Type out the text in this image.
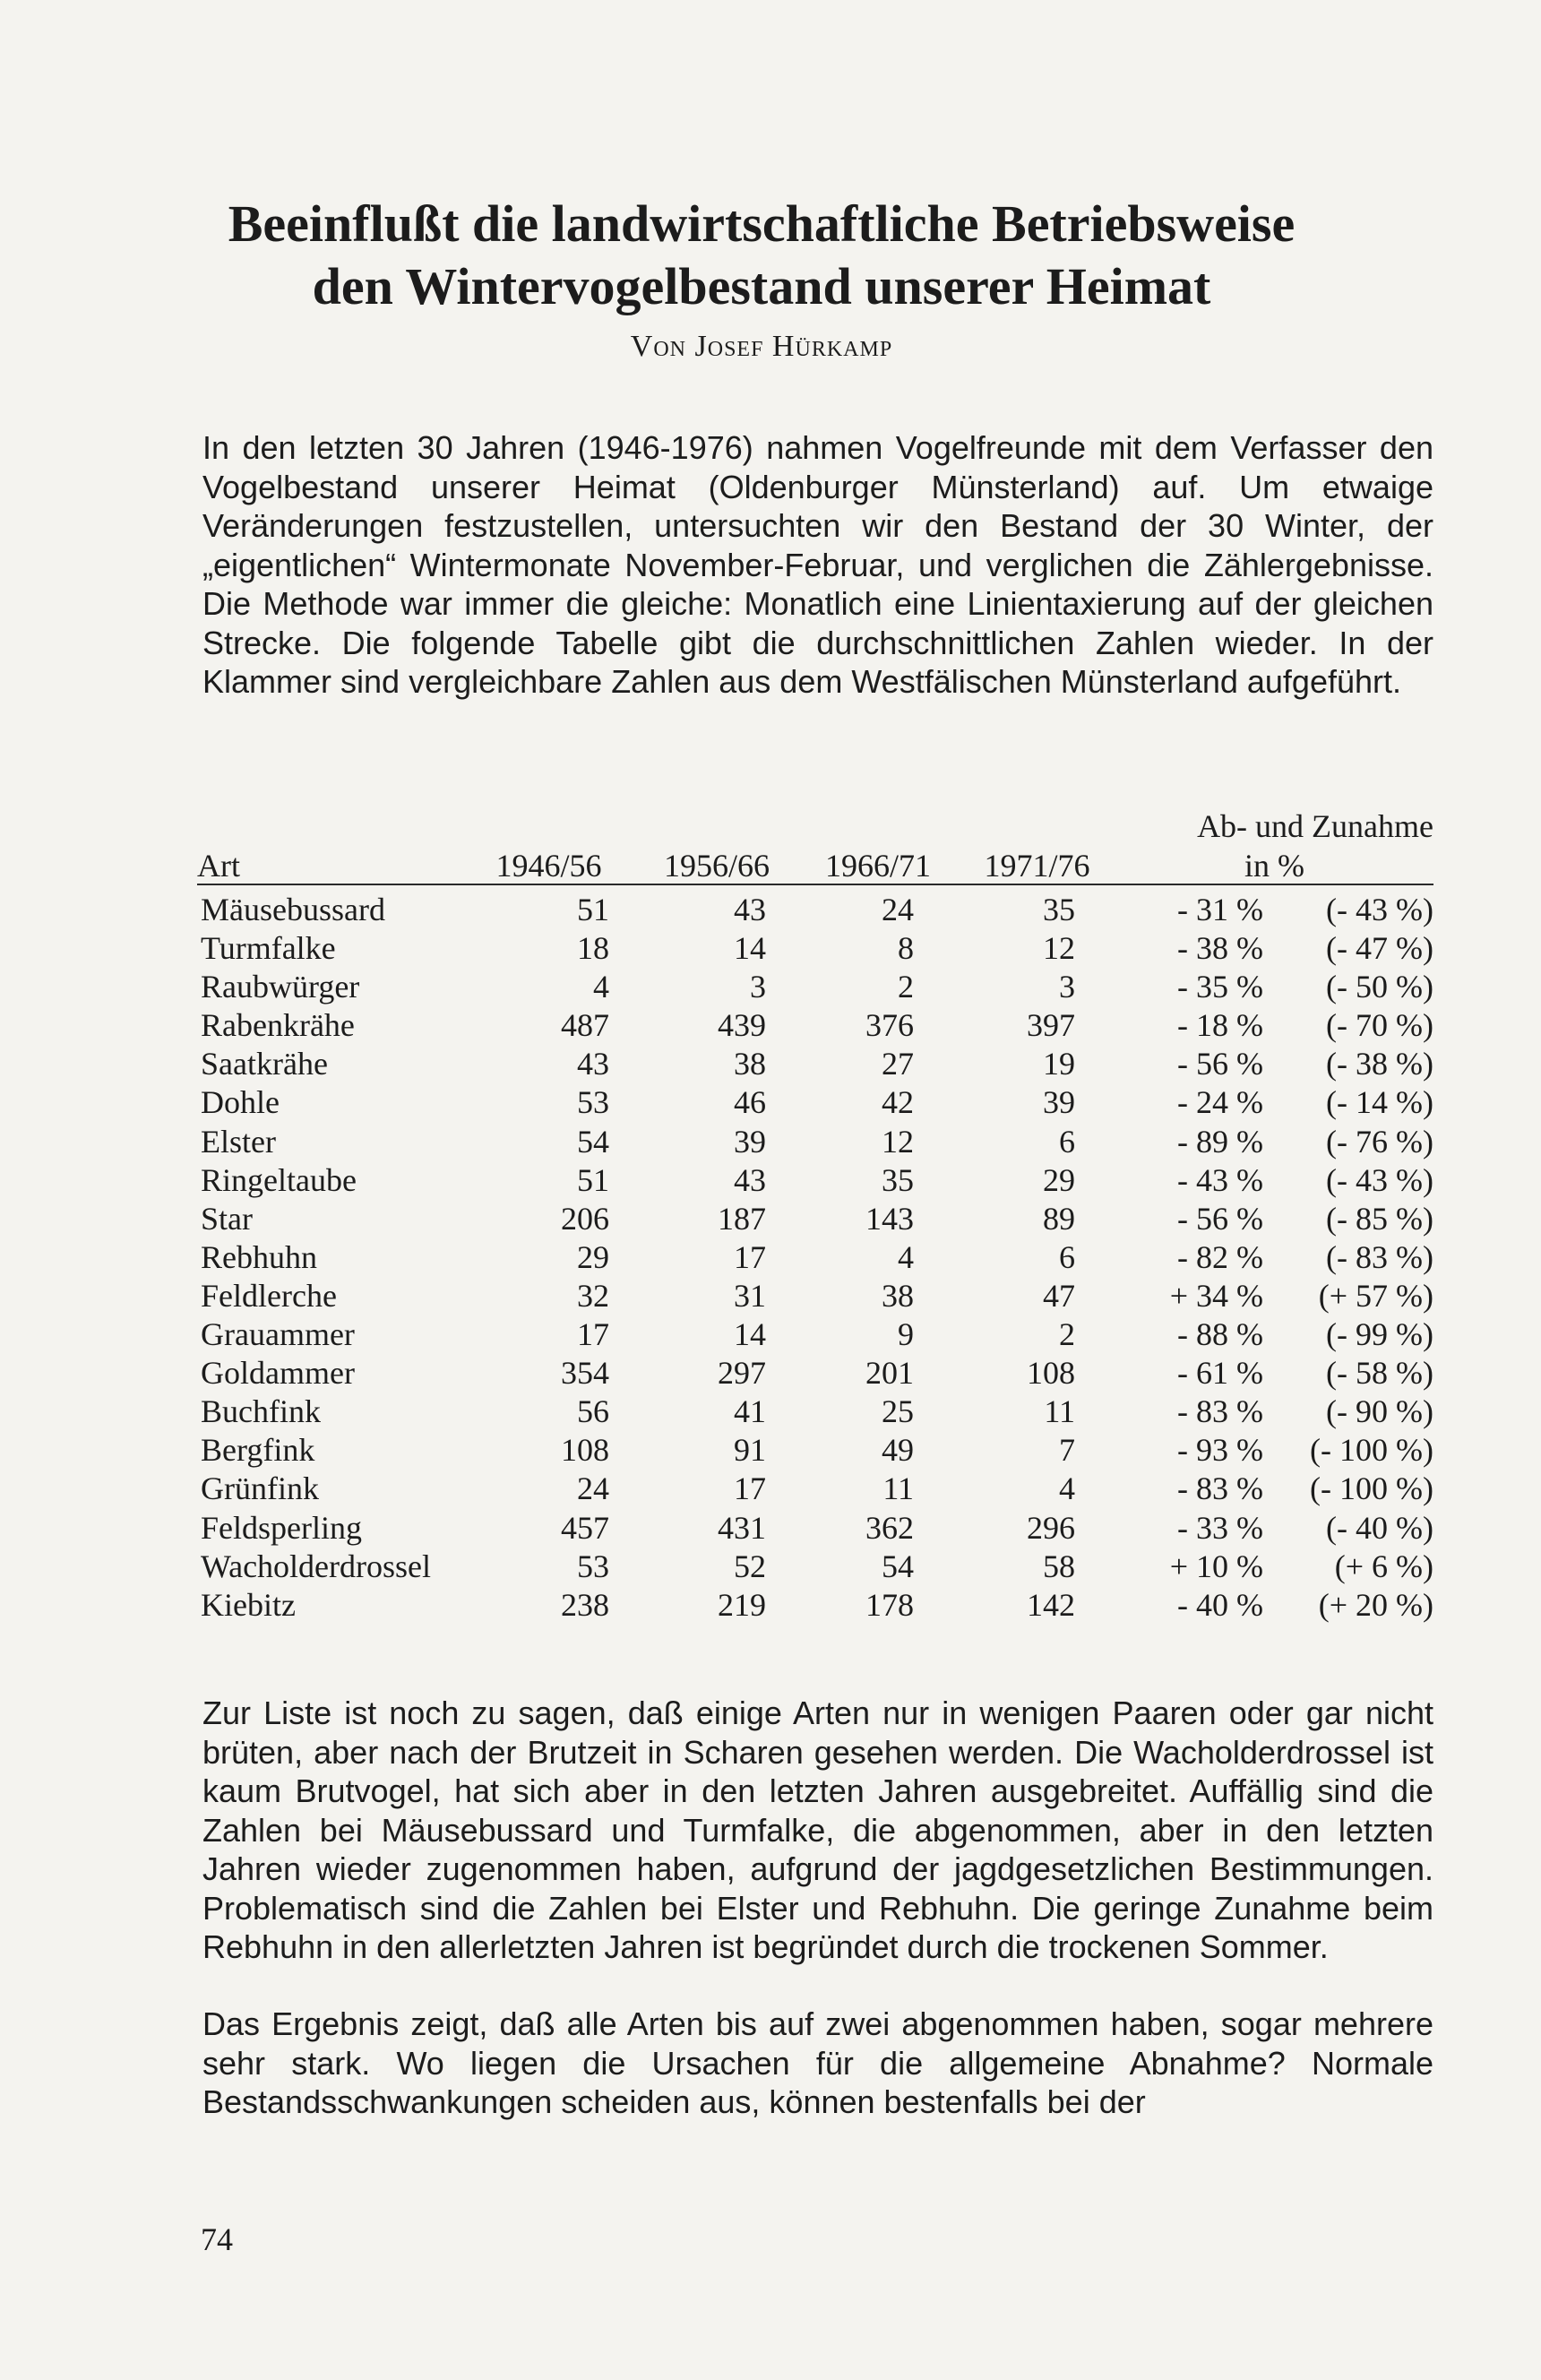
Beeinflußt die landwirtschaftliche Betriebsweise
den Wintervogelbestand unserer Heimat
Von Josef Hürkamp

In den letzten 30 Jahren (1946-1976) nahmen Vogelfreunde mit dem Verfasser den Vogelbestand unserer Heimat (Oldenburger Münsterland) auf. Um etwaige Veränderungen festzustellen, untersuchten wir den Bestand der 30 Winter, der „eigentlichen“ Wintermonate November-Februar, und verglichen die Zählergebnisse. Die Methode war immer die gleiche: Monatlich eine Linientaxierung auf der gleichen Strecke. Die folgende Tabelle gibt die durchschnittlichen Zahlen wieder. In der Klammer sind vergleichbare Zahlen aus dem Westfälischen Münsterland aufgeführt.

Ab- und Zunahme
Art	1946/56	1956/66	1966/71	1971/76	in %
Mäusebussard	51	43	24	35	- 31 %	(- 43 %)
Turmfalke	18	14	8	12	- 38 %	(- 47 %)
Raubwürger	4	3	2	3	- 35 %	(- 50 %)
Rabenkrähe	487	439	376	397	- 18 %	(- 70 %)
Saatkrähe	43	38	27	19	- 56 %	(- 38 %)
Dohle	53	46	42	39	- 24 %	(- 14 %)
Elster	54	39	12	6	- 89 %	(- 76 %)
Ringeltaube	51	43	35	29	- 43 %	(- 43 %)
Star	206	187	143	89	- 56 %	(- 85 %)
Rebhuhn	29	17	4	6	- 82 %	(- 83 %)
Feldlerche	32	31	38	47	+ 34 %	(+ 57 %)
Grauammer	17	14	9	2	- 88 %	(- 99 %)
Goldammer	354	297	201	108	- 61 %	(- 58 %)
Buchfink	56	41	25	11	- 83 %	(- 90 %)
Bergfink	108	91	49	7	- 93 %	(- 100 %)
Grünfink	24	17	11	4	- 83 %	(- 100 %)
Feldsperling	457	431	362	296	- 33 %	(- 40 %)
Wacholderdrossel	53	52	54	58	+ 10 %	(+ 6 %)
Kiebitz	238	219	178	142	- 40 %	(+ 20 %)

Zur Liste ist noch zu sagen, daß einige Arten nur in wenigen Paaren oder gar nicht brüten, aber nach der Brutzeit in Scharen gesehen werden. Die Wacholderdrossel ist kaum Brutvogel, hat sich aber in den letzten Jahren ausgebreitet. Auffällig sind die Zahlen bei Mäusebussard und Turmfalke, die abgenommen, aber in den letzten Jahren wieder zugenommen haben, aufgrund der jagdgesetzlichen Bestimmungen. Problematisch sind die Zahlen bei Elster und Rebhuhn. Die geringe Zunahme beim Rebhuhn in den allerletzten Jahren ist begründet durch die trockenen Sommer.

Das Ergebnis zeigt, daß alle Arten bis auf zwei abgenommen haben, sogar mehrere sehr stark. Wo liegen die Ursachen für die allgemeine Abnahme? Normale Bestandsschwankungen scheiden aus, können bestenfalls bei der

74
